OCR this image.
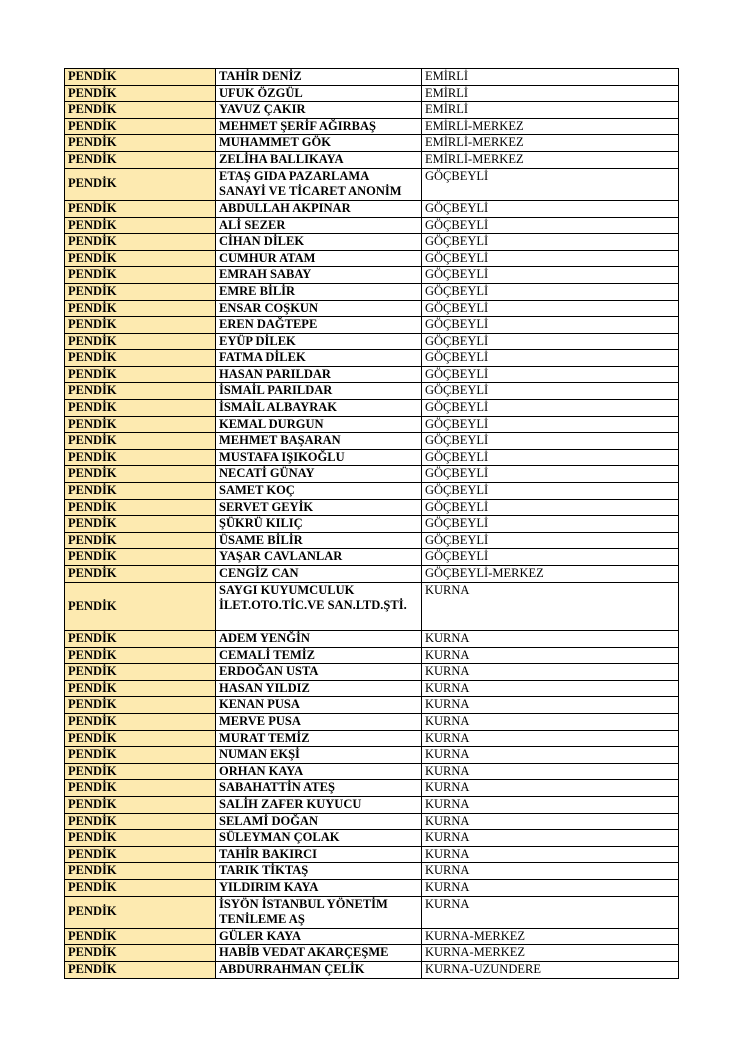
PENDİK	TAHİR DENİZ	EMİRLİ
PENDİK	UFUK ÖZGÜL	EMİRLİ
PENDİK	YAVUZ ÇAKIR	EMİRLİ
PENDİK	MEHMET ŞERİF AĞIRBAŞ	EMİRLİ-MERKEZ
PENDİK	MUHAMMET GÖK	EMİRLİ-MERKEZ
PENDİK	ZELİHA BALLIKAYA	EMİRLİ-MERKEZ
PENDİK	ETAŞ GIDA PAZARLAMA SANAYİ VE TİCARET ANONİM	GÖÇBEYLİ
PENDİK	ABDULLAH AKPINAR	GÖÇBEYLİ
PENDİK	ALİ SEZER	GÖÇBEYLİ
PENDİK	CİHAN DİLEK	GÖÇBEYLİ
PENDİK	CUMHUR ATAM	GÖÇBEYLİ
PENDİK	EMRAH SABAY	GÖÇBEYLİ
PENDİK	EMRE BİLİR	GÖÇBEYLİ
PENDİK	ENSAR COŞKUN	GÖÇBEYLİ
PENDİK	EREN DAĞTEPE	GÖÇBEYLİ
PENDİK	EYÜP DİLEK	GÖÇBEYLİ
PENDİK	FATMA DİLEK	GÖÇBEYLİ
PENDİK	HASAN PARILDAR	GÖÇBEYLİ
PENDİK	İSMAİL PARILDAR	GÖÇBEYLİ
PENDİK	İSMAİL ALBAYRAK	GÖÇBEYLİ
PENDİK	KEMAL DURGUN	GÖÇBEYLİ
PENDİK	MEHMET BAŞARAN	GÖÇBEYLİ
PENDİK	MUSTAFA IŞIKOĞLU	GÖÇBEYLİ
PENDİK	NECATİ GÜNAY	GÖÇBEYLİ
PENDİK	SAMET KOÇ	GÖÇBEYLİ
PENDİK	SERVET GEYİK	GÖÇBEYLİ
PENDİK	ŞÜKRÜ KILIÇ	GÖÇBEYLİ
PENDİK	ÜSAME BİLİR	GÖÇBEYLİ
PENDİK	YAŞAR CAVLANLAR	GÖÇBEYLİ
PENDİK	CENGİZ CAN	GÖÇBEYLİ-MERKEZ
PENDİK	SAYGI KUYUMCULUK İLET.OTO.TİC.VE SAN.LTD.ŞTİ.	KURNA
PENDİK	ADEM YENĞİN	KURNA
PENDİK	CEMALİ TEMİZ	KURNA
PENDİK	ERDOĞAN USTA	KURNA
PENDİK	HASAN YILDIZ	KURNA
PENDİK	KENAN PUSA	KURNA
PENDİK	MERVE PUSA	KURNA
PENDİK	MURAT TEMİZ	KURNA
PENDİK	NUMAN EKŞİ	KURNA
PENDİK	ORHAN KAYA	KURNA
PENDİK	SABAHATTİN ATEŞ	KURNA
PENDİK	SALİH ZAFER KUYUCU	KURNA
PENDİK	SELAMİ DOĞAN	KURNA
PENDİK	SÜLEYMAN ÇOLAK	KURNA
PENDİK	TAHİR BAKIRCI	KURNA
PENDİK	TARIK TİKTAŞ	KURNA
PENDİK	YILDIRIM KAYA	KURNA
PENDİK	İSYÖN İSTANBUL YÖNETİM TENİLEME AŞ	KURNA
PENDİK	GÜLER KAYA	KURNA-MERKEZ
PENDİK	HABİB VEDAT AKARÇEŞME	KURNA-MERKEZ
PENDİK	ABDURRAHMAN ÇELİK	KURNA-UZUNDERE
